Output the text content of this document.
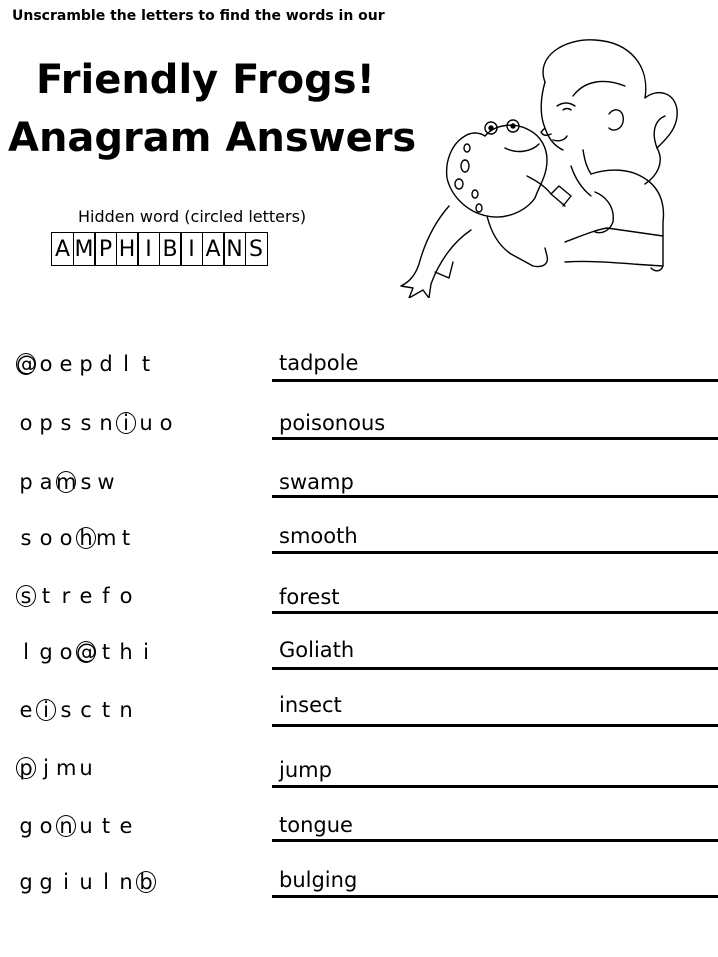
Unscramble the letters to find the words in our
Friendly Frogs!
Anagram Answers
Hidden word (circled letters)
A M P H I B I A N S
@ o e p d l t	tadpole
o p s s n i u o	poisonous
p a m s w	swamp
s o o h m t	smooth
s t r e f o	forest
l g o @ t h i	Goliath
e i s c t n	insect
p j m u	jump
g o n u t e	tongue
g g i u l n b	bulging
